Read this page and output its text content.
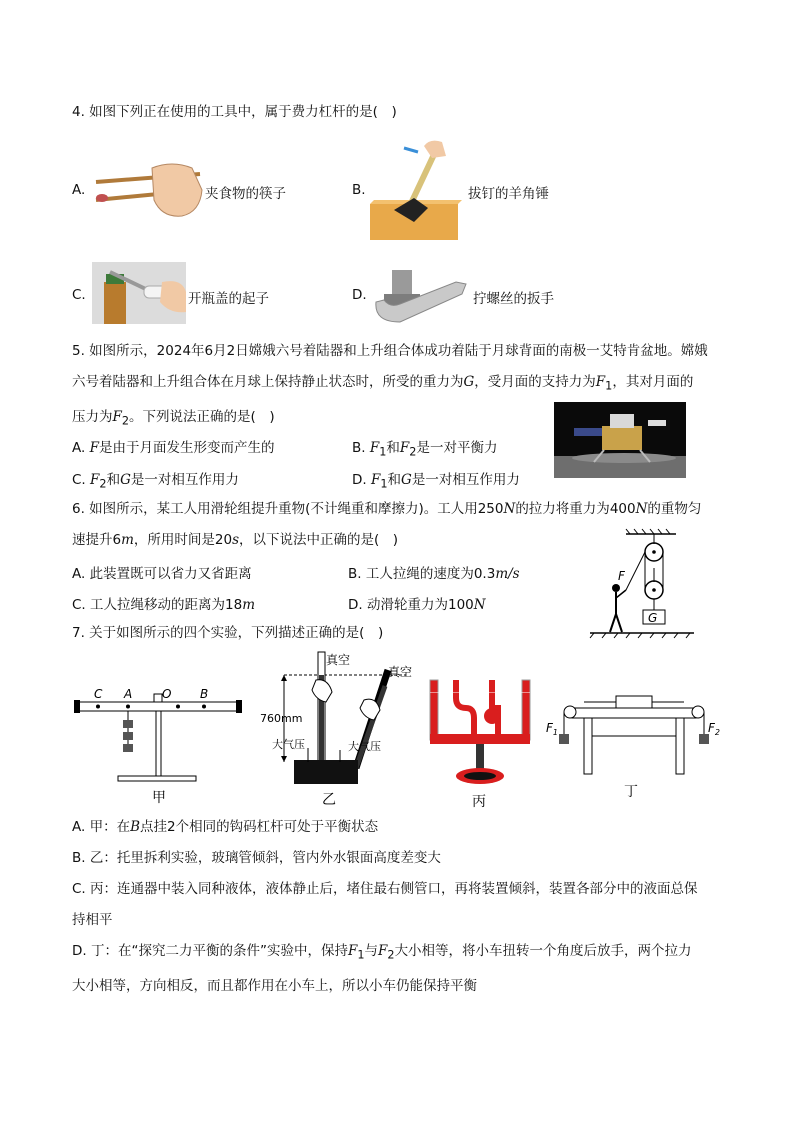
4. 如图下列正在使用的工具中，属于费力杠杆的是(　)
A.	夹食物的筷子	B.	拔钉的羊角锤
C.	开瓶盖的起子	D.	拧螺丝的扳手
5. 如图所示，2024年6月2日嫦娥六号着陆器和上升组合体成功着陆于月球背面的南极一艾特肯盆地。嫦娥
六号着陆器和上升组合体在月球上保持静止状态时，所受的重力为G，受月面的支持力为$F_1$，其对月面的
压力为$F_2$。下列说法正确的是(　)
A. F是由于月面发生形变而产生的	B. $F_1$和$F_2$是一对平衡力
C. $F_2$和G是一对相互作用力	D. $F_1$和G是一对相互作用力
6. 如图所示，某工人用滑轮组提升重物(不计绳重和摩擦力)。工人用250N的拉力将重力为400N的重物匀
速提升6m，所用时间是20s，以下说法中正确的是(　)
A. 此装置既可以省力又省距离	B. 工人拉绳的速度为0.3m/s
C. 工人拉绳移动的距离为18m	D. 动滑轮重力为100N
G
F
7. 关于如图所示的四个实验，下列描述正确的是(　)
C A O B
甲
760mm
真空
真空
大气压	大气压
乙	丙
$F_1$	$F_2$
丁
A. 甲：在B点挂2个相同的钩码杠杆可处于平衡状态
B. 乙：托里拆利实验，玻璃管倾斜，管内外水银面高度差变大
C. 丙：连通器中装入同种液体，液体静止后，堵住最右侧管口，再将装置倾斜，装置各部分中的液面总保
持相平
D. 丁：在“探究二力平衡的条件”实验中，保持$F_1$与$F_2$大小相等，将小车扭转一个角度后放手，两个拉力
大小相等，方向相反，而且都作用在小车上，所以小车仍能保持平衡
